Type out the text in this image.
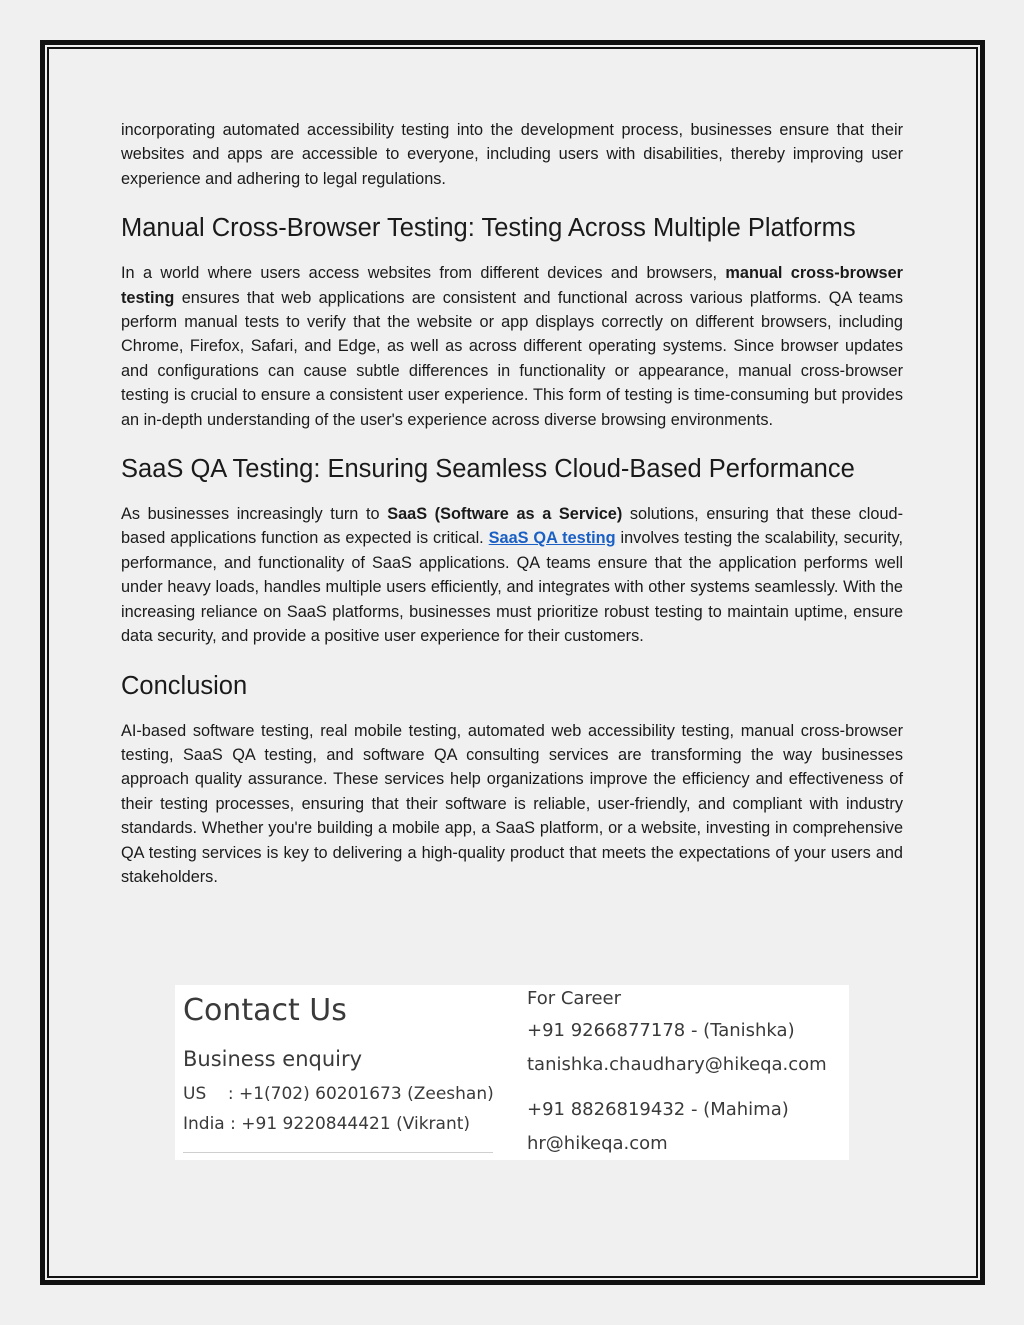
incorporating automated accessibility testing into the development process, businesses ensure that their websites and apps are accessible to everyone, including users with disabilities, thereby improving user experience and adhering to legal regulations.

Manual Cross-Browser Testing: Testing Across Multiple Platforms

In a world where users access websites from different devices and browsers, manual cross-browser testing ensures that web applications are consistent and functional across various platforms. QA teams perform manual tests to verify that the website or app displays correctly on different browsers, including Chrome, Firefox, Safari, and Edge, as well as across different operating systems. Since browser updates and configurations can cause subtle differences in functionality or appearance, manual cross-browser testing is crucial to ensure a consistent user experience. This form of testing is time-consuming but provides an in-depth understanding of the user's experience across diverse browsing environments.

SaaS QA Testing: Ensuring Seamless Cloud-Based Performance

As businesses increasingly turn to SaaS (Software as a Service) solutions, ensuring that these cloud-based applications function as expected is critical. SaaS QA testing involves testing the scalability, security, performance, and functionality of SaaS applications. QA teams ensure that the application performs well under heavy loads, handles multiple users efficiently, and integrates with other systems seamlessly. With the increasing reliance on SaaS platforms, businesses must prioritize robust testing to maintain uptime, ensure data security, and provide a positive user experience for their customers.

Conclusion

AI-based software testing, real mobile testing, automated web accessibility testing, manual cross-browser testing, SaaS QA testing, and software QA consulting services are transforming the way businesses approach quality assurance. These services help organizations improve the efficiency and effectiveness of their testing processes, ensuring that their software is reliable, user-friendly, and compliant with industry standards. Whether you're building a mobile app, a SaaS platform, or a website, investing in comprehensive QA testing services is key to delivering a high-quality product that meets the expectations of your users and stakeholders.

Contact Us
Business enquiry
US    : +1(702) 60201673 (Zeeshan)
India : +91 9220844421 (Vikrant)
For Career
+91 9266877178 - (Tanishka)
tanishka.chaudhary@hikeqa.com
+91 8826819432 - (Mahima)
hr@hikeqa.com
